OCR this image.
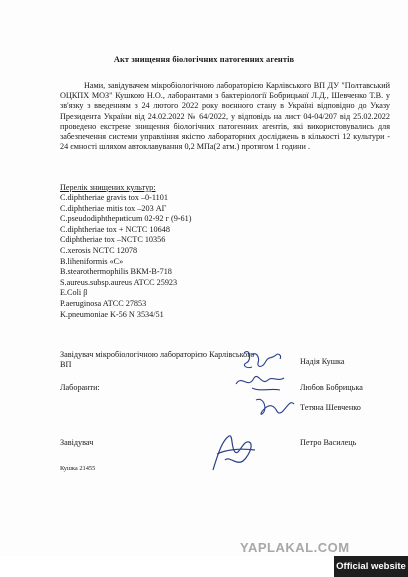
Акт знищення біологічних патогенних агентів

Нами, завідувачем мікробіологічною лабораторією Карлівського ВП ДУ "Полтавський ОЦКПХ МОЗ" Кушкою Н.О., лаборантами з бактеріології Бобрицької Л.Д., Шевченко Т.В. у зв'язку з введенням з 24 лютого 2022 року воєнного стану в Україні відповідно до Указу Президента України від 24.02.2022 № 64/2022, у відповідь на лист 04-04/207 від 25.02.2022 проведено екстрене знищення біологічних патогенних агентів, які використовувались для забезпечення системи управління якістю лабораторних досліджень в кількості 12 культури - 24 ємності шляхом автоклавування 0,2 МПа(2 атм.) протягом 1 години .

Перелік знищених культур:
C.diphtheriae gravis tox –0-1101
C.diphtheriae mitis tox –203 АГ
C.pseudodiphthериticum 02-92 г (9-61)
C.diphtheriae tox + NCTC 10648
Cdiphtheriae tox –NCTC 10356
C.xerosis NCTC 12078
B.liheniformis «C»
B.stearothermophilis ВКМ-В-718
S.aureus.subsp.aureus ATCC 25923
E.Coli β
P.aeruginosa ATCC 27853
K.pneumoniae K-56 N 3534/51
Завідувач мікробіологічною лабораторією Карлівського ВП	Надія Кушка
Лаборанти:	Любов Бобрицька
Тетяна Шевченко
Завідувач	Петро Василець
Кушка 21455
YAPLAKAL.COM
Official website
